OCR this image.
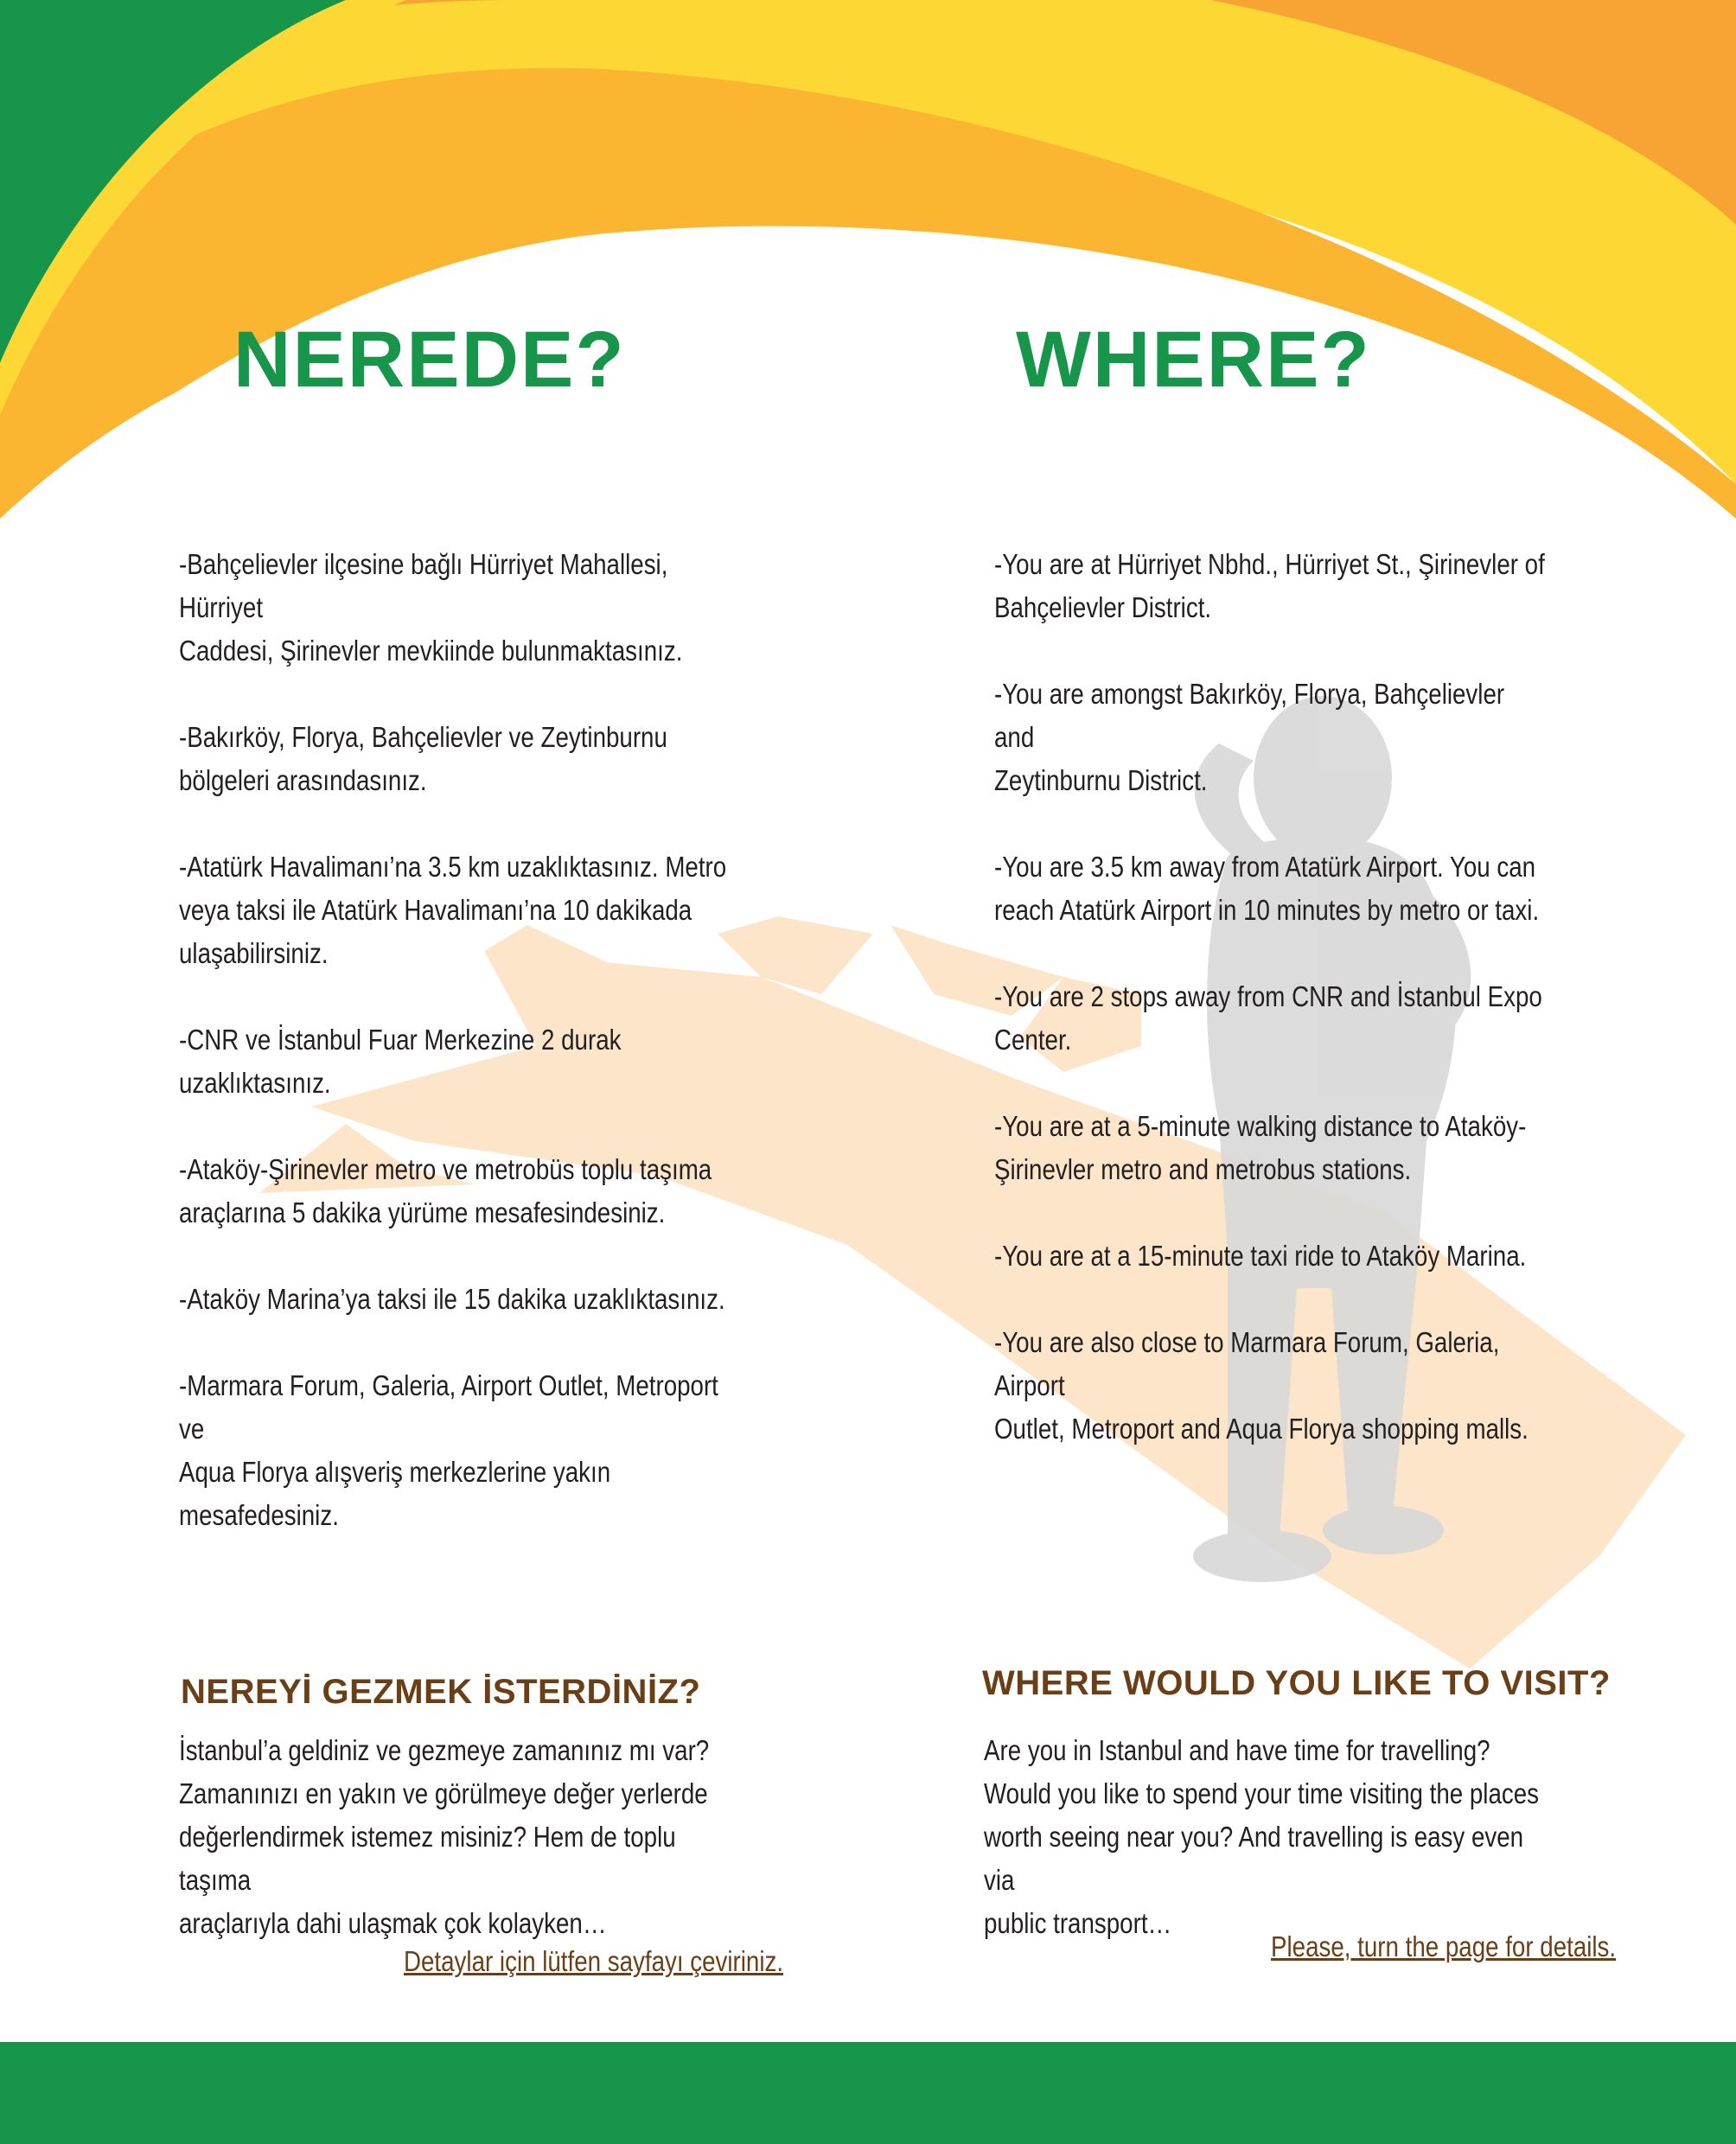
NEREDE?	WHERE?

-Bahçelievler ilçesine bağlı Hürriyet Mahallesi, Hürriyet
Caddesi, Şirinevler mevkiinde bulunmaktasınız.

-Bakırköy, Florya, Bahçelievler ve Zeytinburnu
bölgeleri arasındasınız.

-Atatürk Havalimanı’na 3.5 km uzaklıktasınız. Metro
veya taksi ile Atatürk Havalimanı’na 10 dakikada
ulaşabilirsiniz.

-CNR ve İstanbul Fuar Merkezine 2 durak uzaklıktasınız.

-Ataköy-Şirinevler metro ve metrobüs toplu taşıma
araçlarına 5 dakika yürüme mesafesindesiniz.

-Ataköy Marina’ya taksi ile 15 dakika uzaklıktasınız.

-Marmara Forum, Galeria, Airport Outlet, Metroport ve
Aqua Florya alışveriş merkezlerine yakın mesafedesiniz.

-You are at Hürriyet Nbhd., Hürriyet St., Şirinevler of
Bahçelievler District.

-You are amongst Bakırköy, Florya, Bahçelievler and
Zeytinburnu District.

-You are 3.5 km away from Atatürk Airport. You can
reach Atatürk Airport in 10 minutes by metro or taxi.

-You are 2 stops away from CNR and İstanbul Expo
Center.

-You are at a 5-minute walking distance to Ataköy-
Şirinevler metro and metrobus stations.

-You are at a 15-minute taxi ride to Ataköy Marina.

-You are also close to Marmara Forum, Galeria, Airport
Outlet, Metroport and Aqua Florya shopping malls.

NEREYİ GEZMEK İSTERDİNİZ?	WHERE WOULD YOU LIKE TO VISIT?
İstanbul’a geldiniz ve gezmeye zamanınız mı var?
Zamanınızı en yakın ve görülmeye değer yerlerde
değerlendirmek istemez misiniz? Hem de toplu taşıma
araçlarıyla dahi ulaşmak çok kolayken…
Are you in Istanbul and have time for travelling?
Would you like to spend your time visiting the places
worth seeing near you? And travelling is easy even via
public transport…
Detaylar için lütfen sayfayı çeviriniz.	Please, turn the page for details.
